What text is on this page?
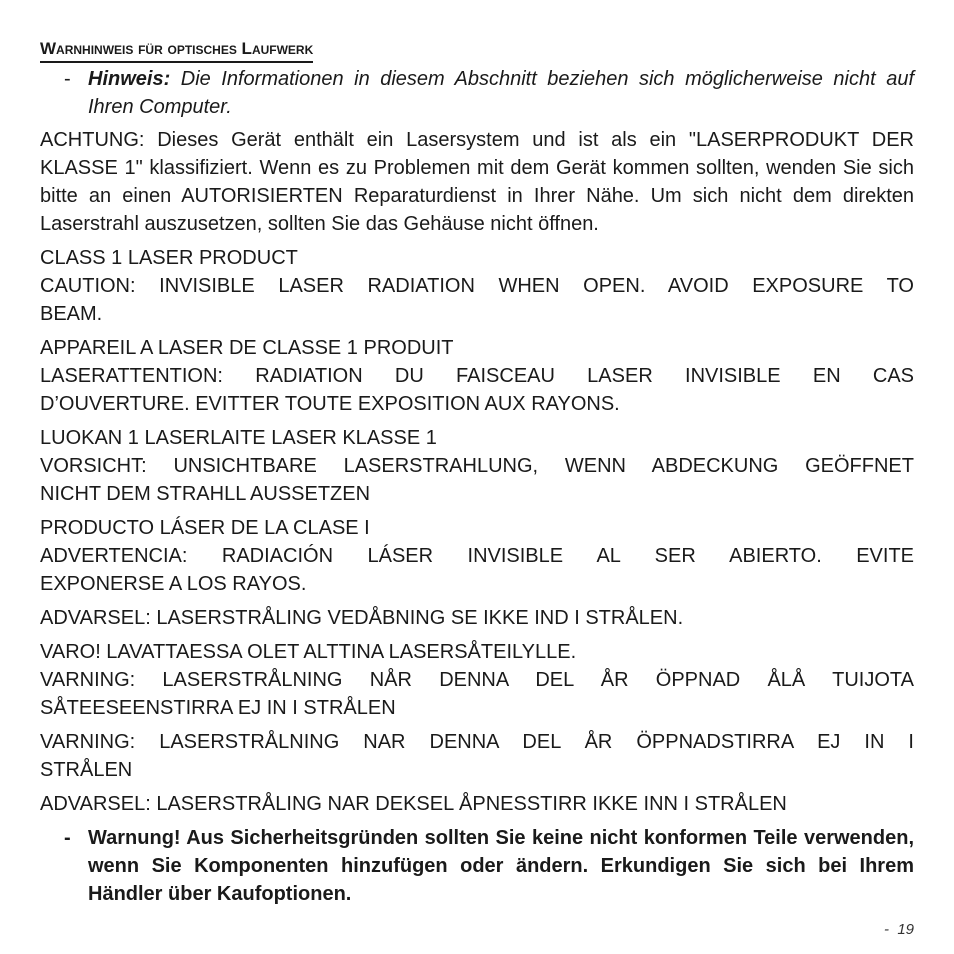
Warnhinweis für optisches Laufwerk
- Hinweis: Die Informationen in diesem Abschnitt beziehen sich möglicherweise nicht auf Ihren Computer.

ACHTUNG: Dieses Gerät enthält ein Lasersystem und ist als ein "LASERPRODUKT DER KLASSE 1" klassifiziert. Wenn es zu Problemen mit dem Gerät kommen sollten, wenden Sie sich bitte an einen AUTORISIERTEN Reparaturdienst in Ihrer Nähe. Um sich nicht dem direkten Laserstrahl auszusetzen, sollten Sie das Gehäuse nicht öffnen.

CLASS 1 LASER PRODUCT
CAUTION: INVISIBLE LASER RADIATION WHEN OPEN. AVOID EXPOSURE TO
BEAM.
APPAREIL A LASER DE CLASSE 1 PRODUIT
LASERATTENTION: RADIATION DU FAISCEAU LASER INVISIBLE EN CAS
D’OUVERTURE. EVITTER TOUTE EXPOSITION AUX RAYONS.
LUOKAN 1 LASERLAITE LASER KLASSE 1
VORSICHT: UNSICHTBARE LASERSTRAHLUNG, WENN ABDECKUNG GEÖFFNET
NICHT DEM STRAHLL AUSSETZEN
PRODUCTO LÁSER DE LA CLASE I
ADVERTENCIA: RADIACIÓN LÁSER INVISIBLE AL SER ABIERTO. EVITE
EXPONERSE A LOS RAYOS.

ADVARSEL: LASERSTRÅLING VEDÅBNING SE IKKE IND I STRÅLEN.

VARO! LAVATTAESSA OLET ALTTINA LASERSÅTEILYLLE.
VARNING: LASERSTRÅLNING NÅR DENNA DEL ÅR ÖPPNAD ÅLÅ TUIJOTA
SÅTEESEENSTIRRA EJ IN I STRÅLEN
VARNING: LASERSTRÅLNING NAR DENNA DEL ÅR ÖPPNADSTIRRA EJ IN I
STRÅLEN

ADVARSEL: LASERSTRÅLING NAR DEKSEL ÅPNESSTIRR IKKE INN I STRÅLEN

- Warnung! Aus Sicherheitsgründen sollten Sie keine nicht konformen Teile verwenden, wenn Sie Komponenten hinzufügen oder ändern. Erkundigen Sie sich bei Ihrem Händler über Kaufoptionen.
- 19
